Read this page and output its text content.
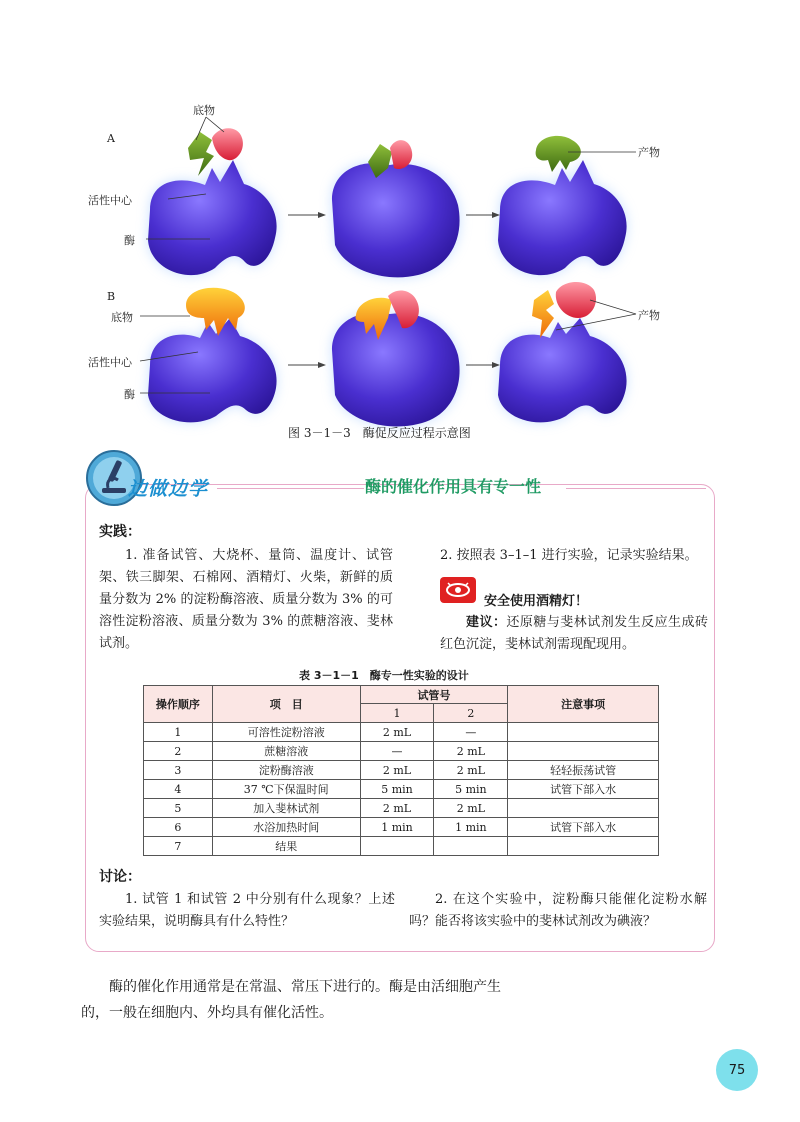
A
底物
活性中心
酶
产物
B
底物
活性中心
酶
产物
图 3－1－3　酶促反应过程示意图
边做边学	酶的催化作用具有专一性
实践：
1. 准备试管、大烧杯、量筒、温度计、试管架、铁三脚架、石棉网、酒精灯、火柴，新鲜的质量分数为 2% 的淀粉酶溶液、质量分数为 3% 的可溶性淀粉溶液、质量分数为 3% 的蔗糖溶液、斐林试剂。
2. 按照表 3–1–1 进行实验，记录实验结果。
安全使用酒精灯！
建议：还原糖与斐林试剂发生反应生成砖红色沉淀，斐林试剂需现配现用。
表 3－1－1　酶专一性实验的设计
操作顺序	项　目	试管号		注意事项
		1	2	
1	可溶性淀粉溶液	2 mL	—	
2	蔗糖溶液	—	2 mL	
3	淀粉酶溶液	2 mL	2 mL	轻轻振荡试管
4	37 ℃下保温时间	5 min	5 min	试管下部入水
5	加入斐林试剂	2 mL	2 mL	
6	水浴加热时间	1 min	1 min	试管下部入水
7	结果			
讨论：
1. 试管 1 和试管 2 中分别有什么现象？上述实验结果，说明酶具有什么特性？
2. 在这个实验中，淀粉酶只能催化淀粉水解吗？能否将该实验中的斐林试剂改为碘液？
酶的催化作用通常是在常温、常压下进行的。酶是由活细胞产生的，一般在细胞内、外均具有催化活性。
75
